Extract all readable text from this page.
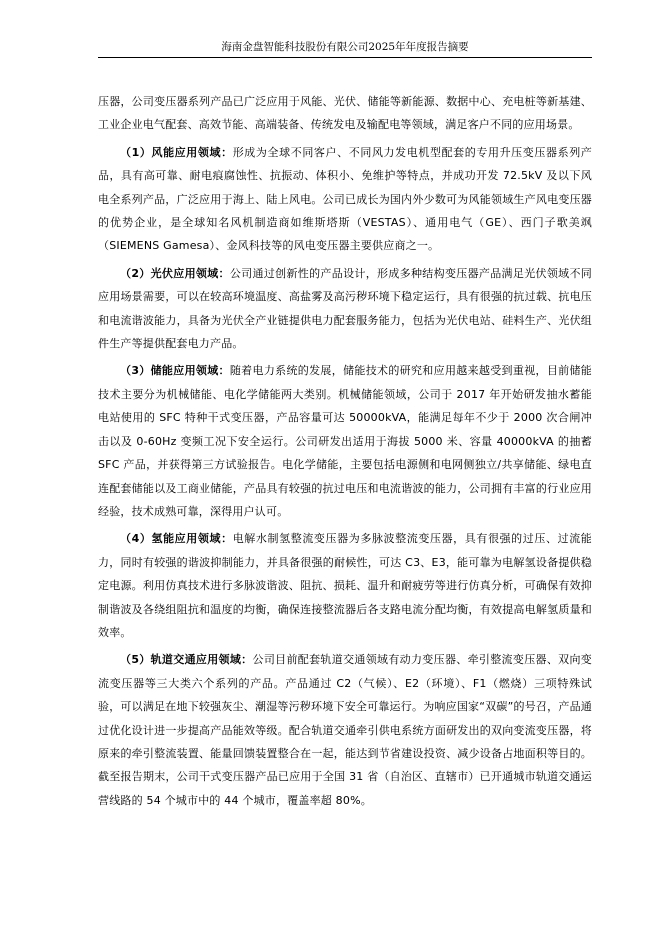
海南金盘智能科技股份有限公司2025年年度报告摘要

压器，公司变压器系列产品已广泛应用于风能、光伏、储能等新能源、数据中心、充电桩等新基建、工业企业电气配套、高效节能、高端装备、传统发电及输配电等领域，满足客户不同的应用场景。

（1）风能应用领域：形成为全球不同客户、不同风力发电机型配套的专用升压变压器系列产品，具有高可靠、耐电痕腐蚀性、抗振动、体积小、免维护等特点，并成功开发 72.5kV 及以下风电全系列产品，广泛应用于海上、陆上风电。公司已成长为国内外少数可为风能领域生产风电变压器的优势企业，是全球知名风机制造商如维斯塔斯（VESTAS）、通用电气（GE）、西门子歌美飒（SIEMENS Gamesa）、金风科技等的风电变压器主要供应商之一。

（2）光伏应用领域：公司通过创新性的产品设计，形成多种结构变压器产品满足光伏领域不同应用场景需要，可以在较高环境温度、高盐雾及高污秽环境下稳定运行，具有很强的抗过载、抗电压和电流谐波能力，具备为光伏全产业链提供电力配套服务能力，包括为光伏电站、硅料生产、光伏组件生产等提供配套电力产品。

（3）储能应用领域：随着电力系统的发展，储能技术的研究和应用越来越受到重视，目前储能技术主要分为机械储能、电化学储能两大类别。机械储能领域，公司于 2017 年开始研发抽水蓄能电站使用的 SFC 特种干式变压器，产品容量可达 50000kVA，能满足每年不少于 2000 次合闸冲击以及 0-60Hz 变频工况下安全运行。公司研发出适用于海拔 5000 米、容量 40000kVA 的抽蓄 SFC 产品，并获得第三方试验报告。电化学储能，主要包括电源侧和电网侧独立/共享储能、绿电直连配套储能以及工商业储能，产品具有较强的抗过电压和电流谐波的能力，公司拥有丰富的行业应用经验，技术成熟可靠，深得用户认可。

（4）氢能应用领域：电解水制氢整流变压器为多脉波整流变压器，具有很强的过压、过流能力，同时有较强的谐波抑制能力，并具备很强的耐候性，可达 C3、E3，能可靠为电解氢设备提供稳定电源。利用仿真技术进行多脉波谐波、阻抗、损耗、温升和耐疲劳等进行仿真分析，可确保有效抑制谐波及各绕组阻抗和温度的均衡，确保连接整流器后各支路电流分配均衡，有效提高电解氢质量和效率。

（5）轨道交通应用领域：公司目前配套轨道交通领域有动力变压器、牵引整流变压器、双向变流变压器等三大类六个系列的产品。产品通过 C2（气候）、E2（环境）、F1（燃烧）三项特殊试验，可以满足在地下较强灰尘、潮湿等污秽环境下安全可靠运行。为响应国家“双碳”的号召，产品通过优化设计进一步提高产品能效等级。配合轨道交通牵引供电系统方面研发出的双向变流变压器，将原来的牵引整流装置、能量回馈装置整合在一起，能达到节省建设投资、减少设备占地面积等目的。截至报告期末，公司干式变压器产品已应用于全国 31 省（自治区、直辖市）已开通城市轨道交通运营线路的 54 个城市中的 44 个城市，覆盖率超 80%。
